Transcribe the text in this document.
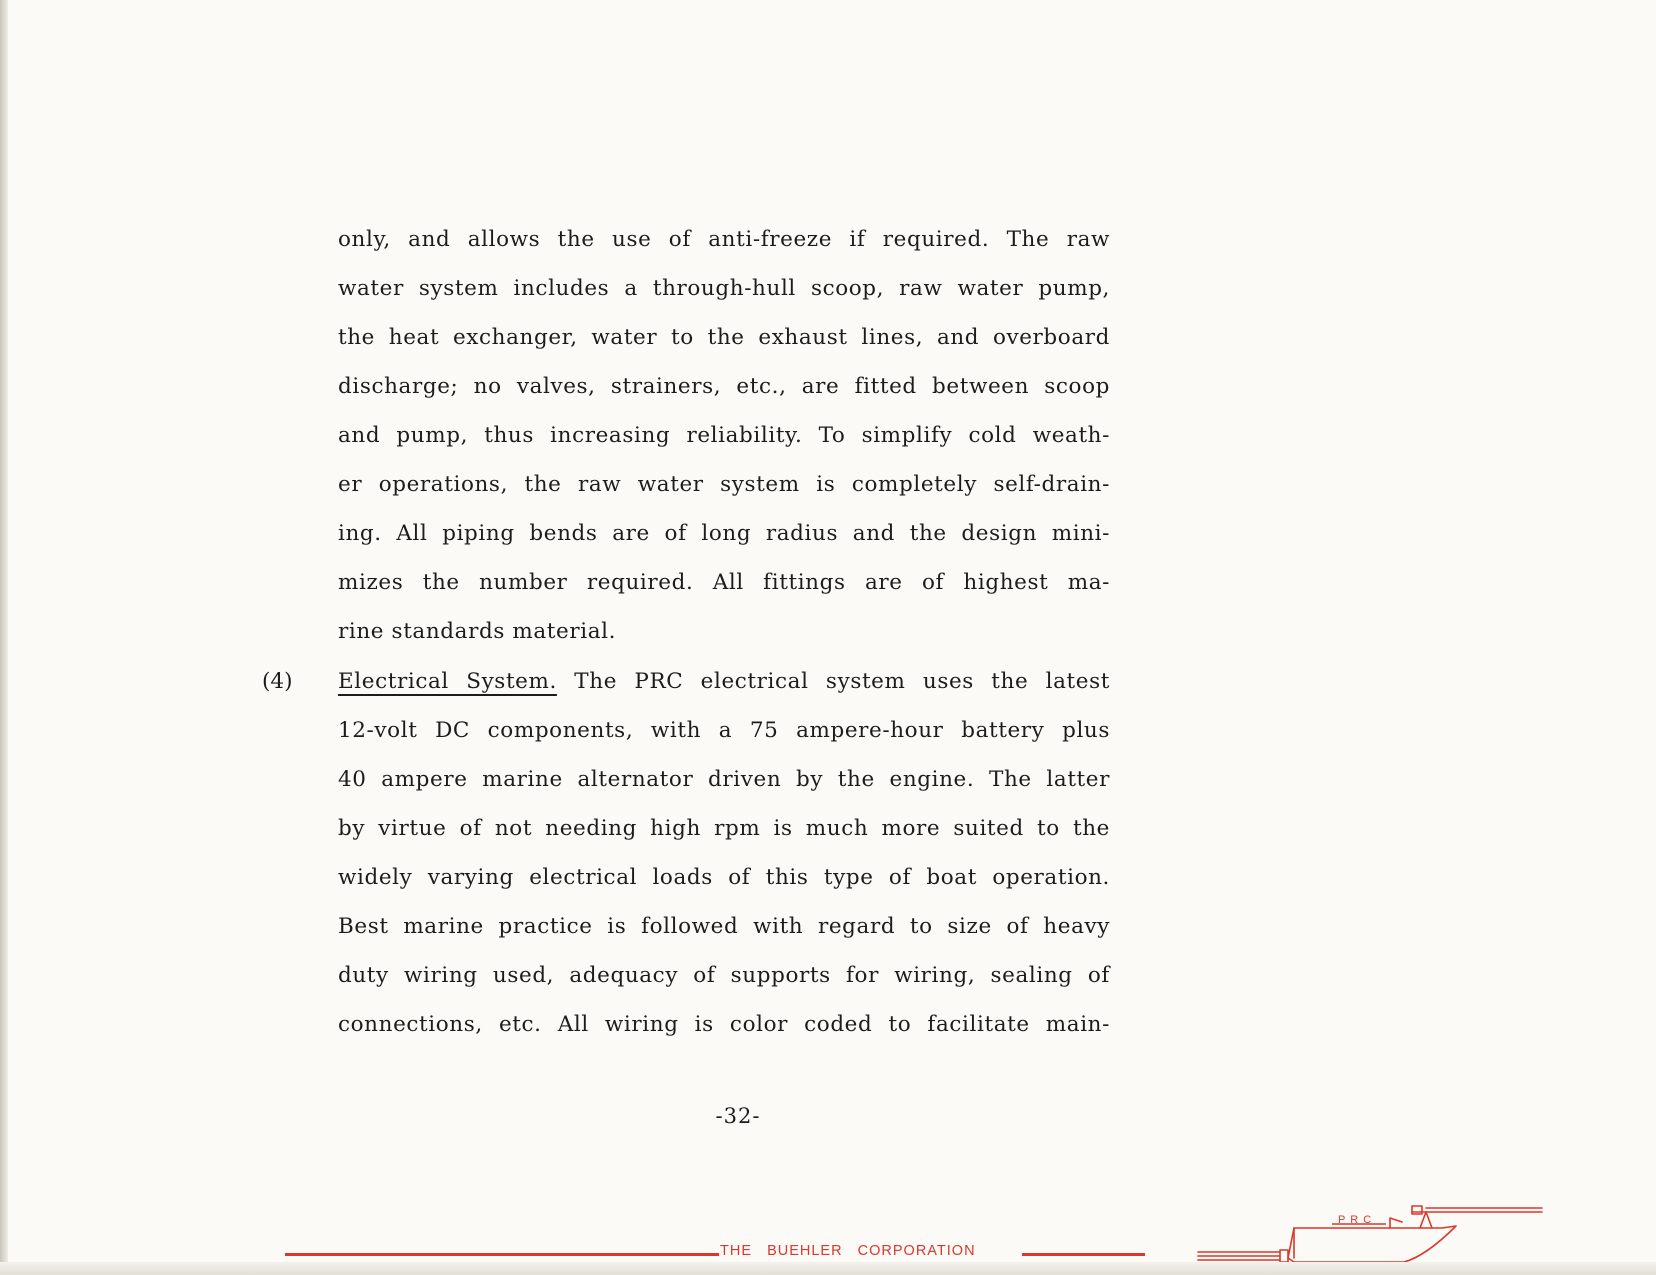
only, and allows the use of anti-freeze if required. The raw
water system includes a through-hull scoop, raw water pump,
the heat exchanger, water to the exhaust lines, and overboard
discharge; no valves, strainers, etc., are fitted between scoop
and pump, thus increasing reliability. To simplify cold weath-
er operations, the raw water system is completely self-drain-
ing. All piping bends are of long radius and the design mini-
mizes the number required. All fittings are of highest ma-
rine standards material.
(4) Electrical System. The PRC electrical system uses the latest
12-volt DC components, with a 75 ampere-hour battery plus
40 ampere marine alternator driven by the engine. The latter
by virtue of not needing high rpm is much more suited to the
widely varying electrical loads of this type of boat operation.
Best marine practice is followed with regard to size of heavy
duty wiring used, adequacy of supports for wiring, sealing of
connections, etc. All wiring is color coded to facilitate main-
-32-
THE   BUEHLER   CORPORATION
P R C
